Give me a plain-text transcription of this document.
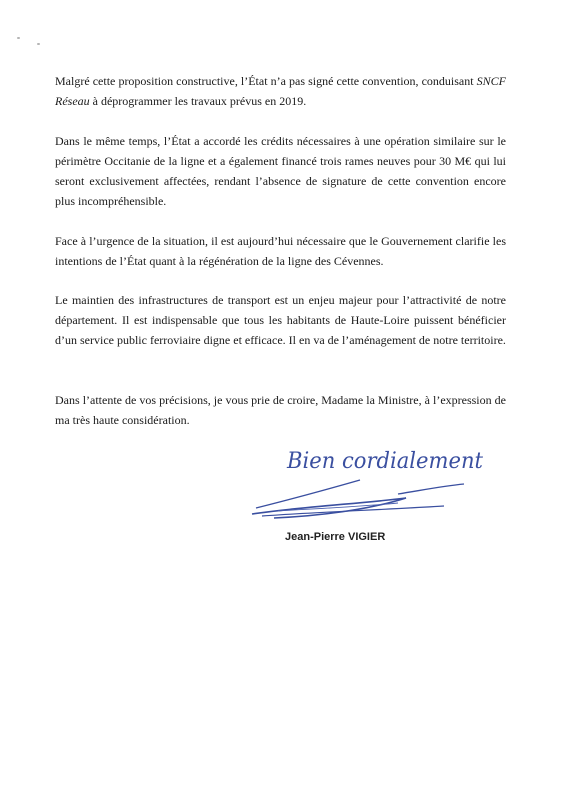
Malgré cette proposition constructive, l’État n’a pas signé cette convention, conduisant SNCF Réseau à déprogrammer les travaux prévus en 2019.

Dans le même temps, l’État a accordé les crédits nécessaires à une opération similaire sur le périmètre Occitanie de la ligne et a également financé trois rames neuves pour 30 M€ qui lui seront exclusivement affectées, rendant l’absence de signature de cette convention encore plus incompréhensible.

Face à l’urgence de la situation, il est aujourd’hui nécessaire que le Gouvernement clarifie les intentions de l’État quant à la régénération de la ligne des Cévennes.

Le maintien des infrastructures de transport est un enjeu majeur pour l’attractivité de notre département. Il est indispensable que tous les habitants de Haute-Loire puissent bénéficier d’un service public ferroviaire digne et efficace. Il en va de l’aménagement de notre territoire.

Dans l’attente de vos précisions, je vous prie de croire, Madame la Ministre, à l’expression de ma très haute considération.

Bien cordialement
Jean-Pierre VIGIER
